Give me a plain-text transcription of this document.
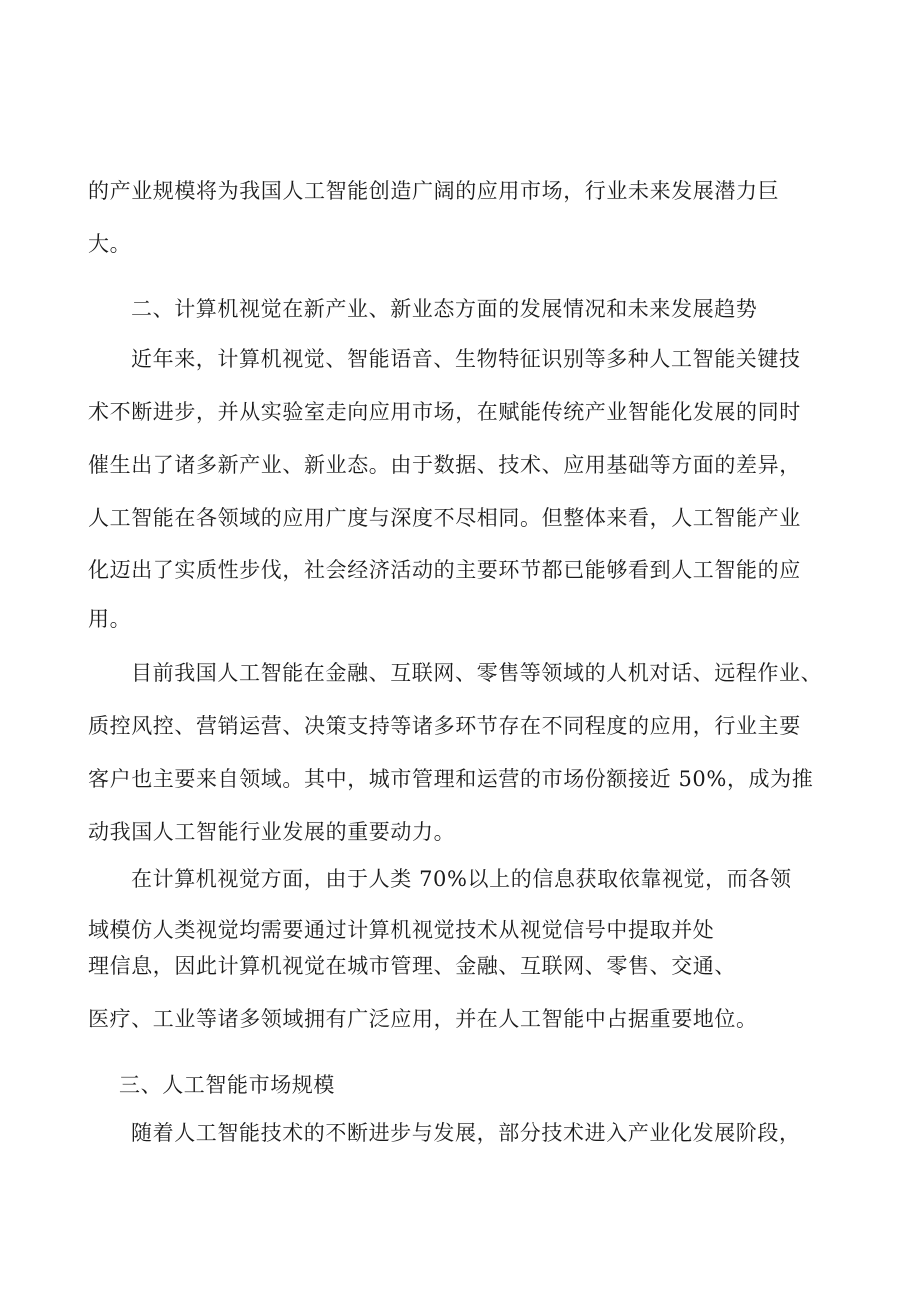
的产业规模将为我国人工智能创造广阔的应用市场，行业未来发展潜力巨
大。
二、计算机视觉在新产业、新业态方面的发展情况和未来发展趋势
近年来，计算机视觉、智能语音、生物特征识别等多种人工智能关键技
术不断进步，并从实验室走向应用市场，在赋能传统产业智能化发展的同时
催生出了诸多新产业、新业态。由于数据、技术、应用基础等方面的差异，
人工智能在各领域的应用广度与深度不尽相同。但整体来看，人工智能产业
化迈出了实质性步伐，社会经济活动的主要环节都已能够看到人工智能的应
用。
目前我国人工智能在金融、互联网、零售等领域的人机对话、远程作业、
质控风控、营销运营、决策支持等诸多环节存在不同程度的应用，行业主要
客户也主要来自领域。其中，城市管理和运营的市场份额接近 50%，成为推
动我国人工智能行业发展的重要动力。
在计算机视觉方面，由于人类 70%以上的信息获取依靠视觉，而各领
域模仿人类视觉均需要通过计算机视觉技术从视觉信号中提取并处
理信息，因此计算机视觉在城市管理、金融、互联网、零售、交通、
医疗、工业等诸多领域拥有广泛应用，并在人工智能中占据重要地位。
三、人工智能市场规模
随着人工智能技术的不断进步与发展，部分技术进入产业化发展阶段，
